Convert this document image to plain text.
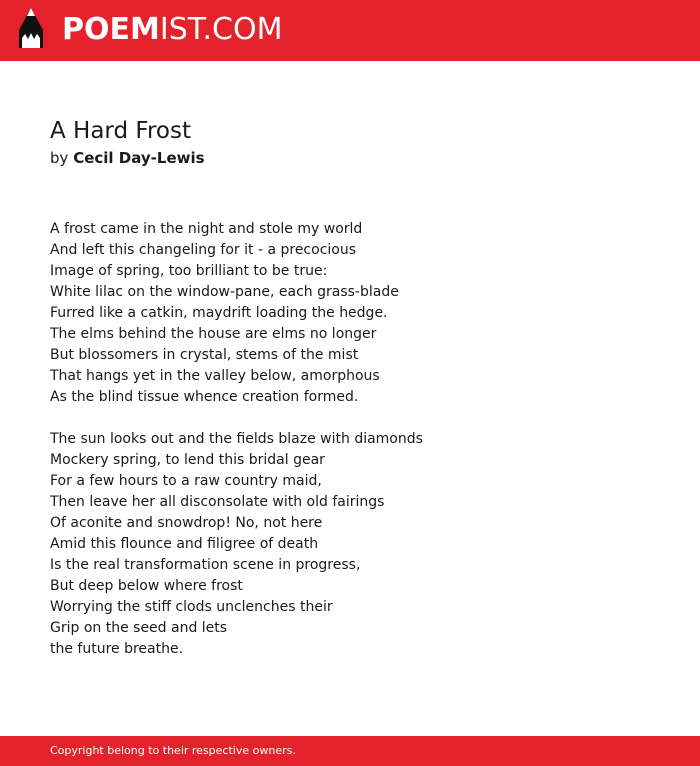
POEMIST.COM
A Hard Frost
by Cecil Day-Lewis
A frost came in the night and stole my world
And left this changeling for it - a precocious
Image of spring, too brilliant to be true:
White lilac on the window-pane, each grass-blade
Furred like a catkin, maydrift loading the hedge.
The elms behind the house are elms no longer
But blossomers in crystal, stems of the mist
That hangs yet in the valley below, amorphous
As the blind tissue whence creation formed.
The sun looks out and the fields blaze with diamonds
Mockery spring, to lend this bridal gear
For a few hours to a raw country maid,
Then leave her all disconsolate with old fairings
Of aconite and snowdrop! No, not here
Amid this flounce and filigree of death
Is the real transformation scene in progress,
But deep below where frost
Worrying the stiff clods unclenches their
Grip on the seed and lets
the future breathe.
Copyright belong to their respective owners.
